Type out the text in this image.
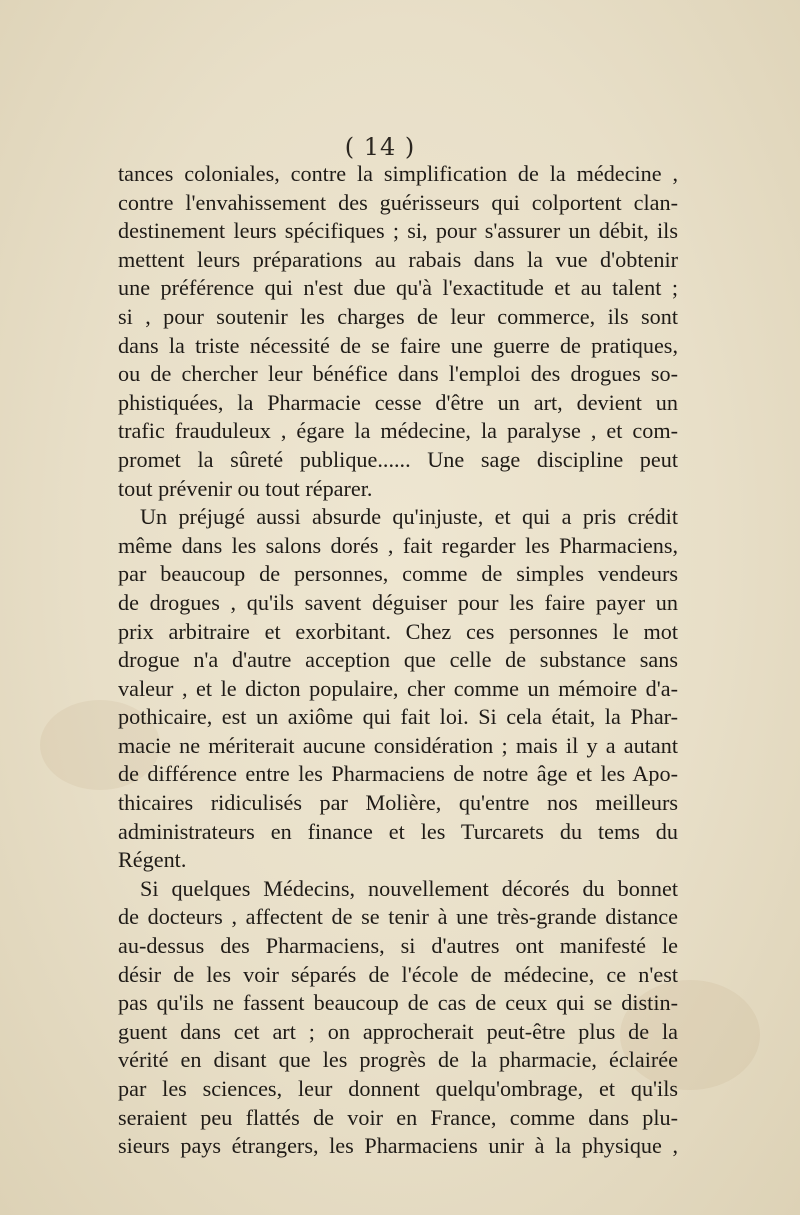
( 14 )
tances coloniales, contre la simplification de la médecine ,
contre l'envahissement des guérisseurs qui colportent clan-
destinement leurs spécifiques ; si, pour s'assurer un débit, ils
mettent leurs préparations au rabais dans la vue d'obtenir
une préférence qui n'est due qu'à l'exactitude et au talent ;
si , pour soutenir les charges de leur commerce, ils sont
dans la triste nécessité de se faire une guerre de pratiques,
ou de chercher leur bénéfice dans l'emploi des drogues so-
phistiquées, la Pharmacie cesse d'être un art, devient un
trafic frauduleux , égare la médecine, la paralyse , et com-
promet la sûreté publique...... Une sage discipline peut
tout prévenir ou tout réparer.
Un préjugé aussi absurde qu'injuste, et qui a pris crédit
même dans les salons dorés , fait regarder les Pharmaciens,
par beaucoup de personnes, comme de simples vendeurs
de drogues , qu'ils savent déguiser pour les faire payer un
prix arbitraire et exorbitant. Chez ces personnes le mot
drogue n'a d'autre acception que celle de substance sans
valeur , et le dicton populaire, cher comme un mémoire d'a-
pothicaire, est un axiôme qui fait loi. Si cela était, la Phar-
macie ne mériterait aucune considération ; mais il y a autant
de différence entre les Pharmaciens de notre âge et les Apo-
thicaires ridiculisés par Molière, qu'entre nos meilleurs
administrateurs en finance et les Turcarets du tems du
Régent.
Si quelques Médecins, nouvellement décorés du bonnet
de docteurs , affectent de se tenir à une très-grande distance
au-dessus des Pharmaciens, si d'autres ont manifesté le
désir de les voir séparés de l'école de médecine, ce n'est
pas qu'ils ne fassent beaucoup de cas de ceux qui se distin-
guent dans cet art ; on approcherait peut-être plus de la
vérité en disant que les progrès de la pharmacie, éclairée
par les sciences, leur donnent quelqu'ombrage, et qu'ils
seraient peu flattés de voir en France, comme dans plu-
sieurs pays étrangers, les Pharmaciens unir à la physique ,
